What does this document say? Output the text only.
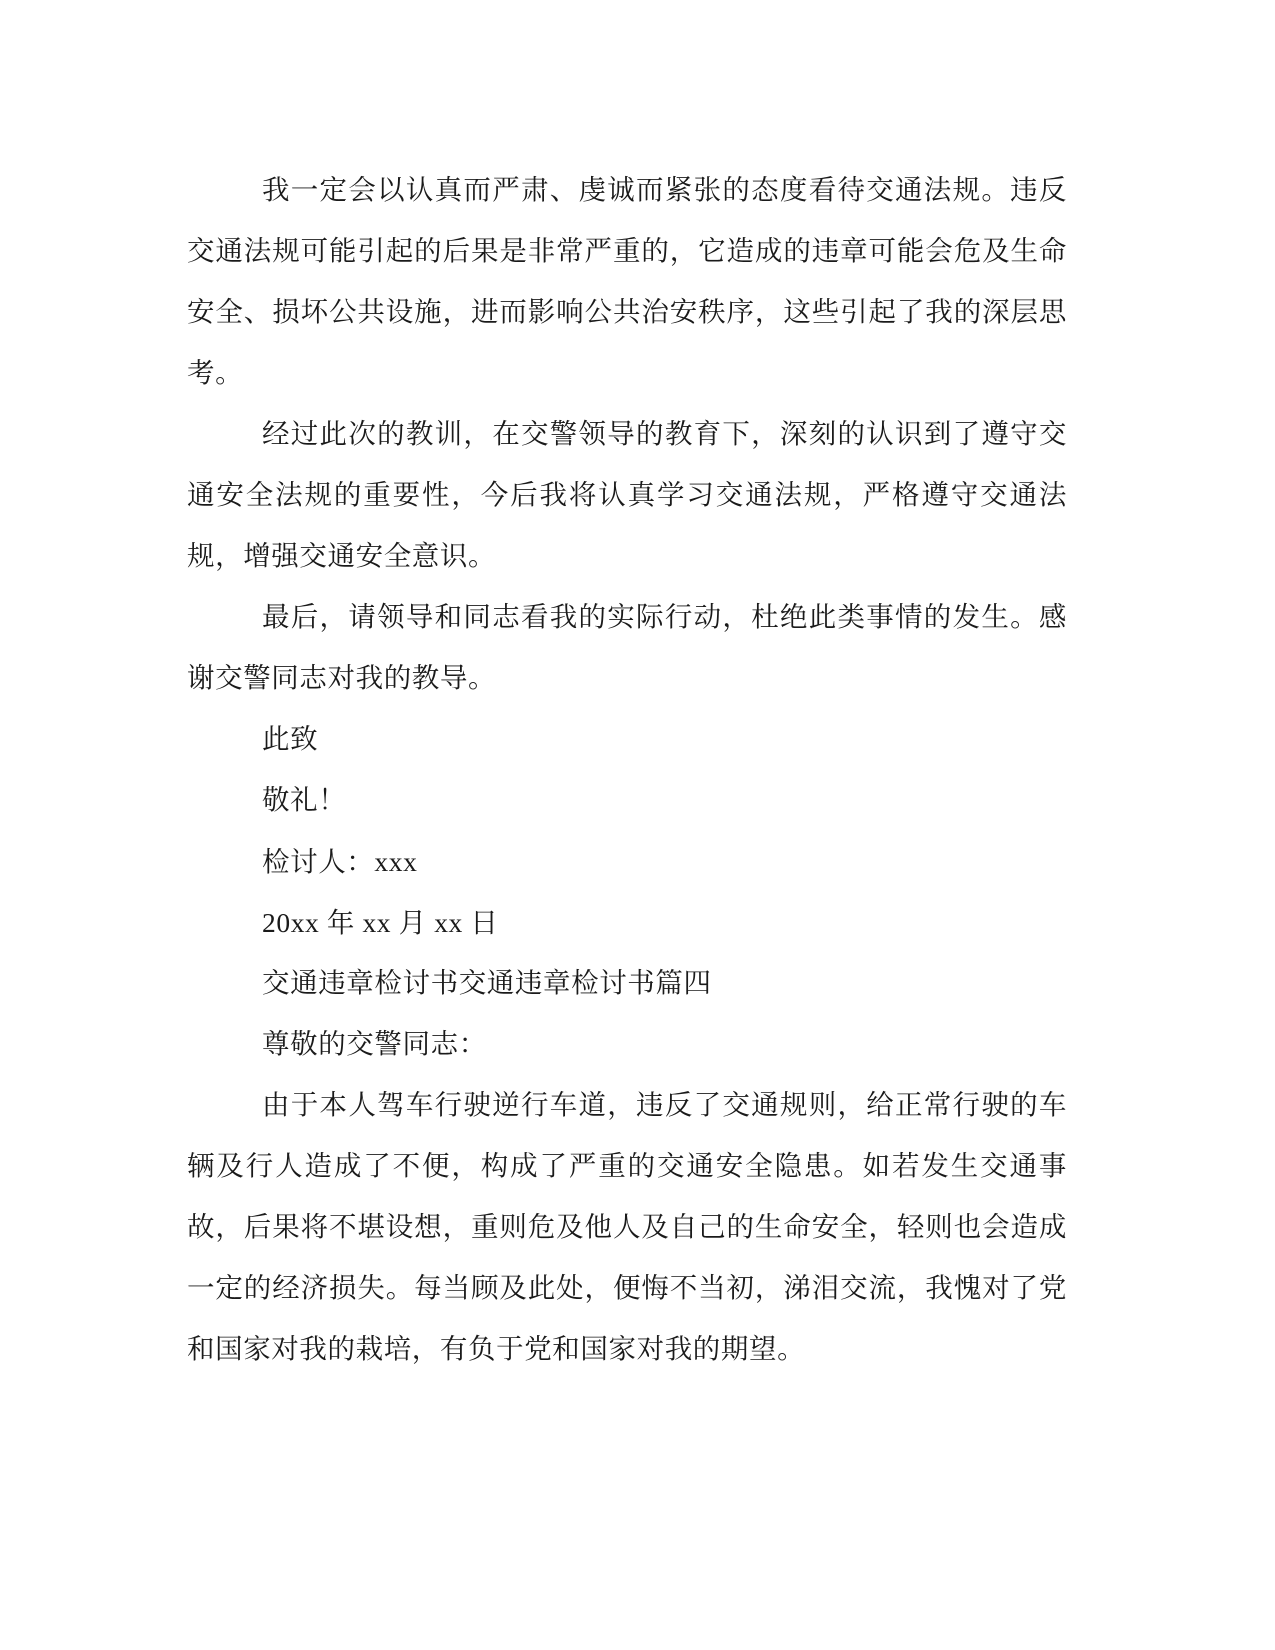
我一定会以认真而严肃、虔诚而紧张的态度看待交通法规。违反交通法规可能引起的后果是非常严重的，它造成的违章可能会危及生命安全、损坏公共设施，进而影响公共治安秩序，这些引起了我的深层思考。

经过此次的教训，在交警领导的教育下，深刻的认识到了遵守交通安全法规的重要性，今后我将认真学习交通法规，严格遵守交通法规，增强交通安全意识。

最后，请领导和同志看我的实际行动，杜绝此类事情的发生。感谢交警同志对我的教导。

此致

敬礼！

检讨人：xxx

20xx 年 xx 月 xx 日

交通违章检讨书交通违章检讨书篇四

尊敬的交警同志：

由于本人驾车行驶逆行车道，违反了交通规则，给正常行驶的车辆及行人造成了不便，构成了严重的交通安全隐患。如若发生交通事故，后果将不堪设想，重则危及他人及自己的生命安全，轻则也会造成一定的经济损失。每当顾及此处，便悔不当初，涕泪交流，我愧对了党和国家对我的栽培，有负于党和国家对我的期望。
